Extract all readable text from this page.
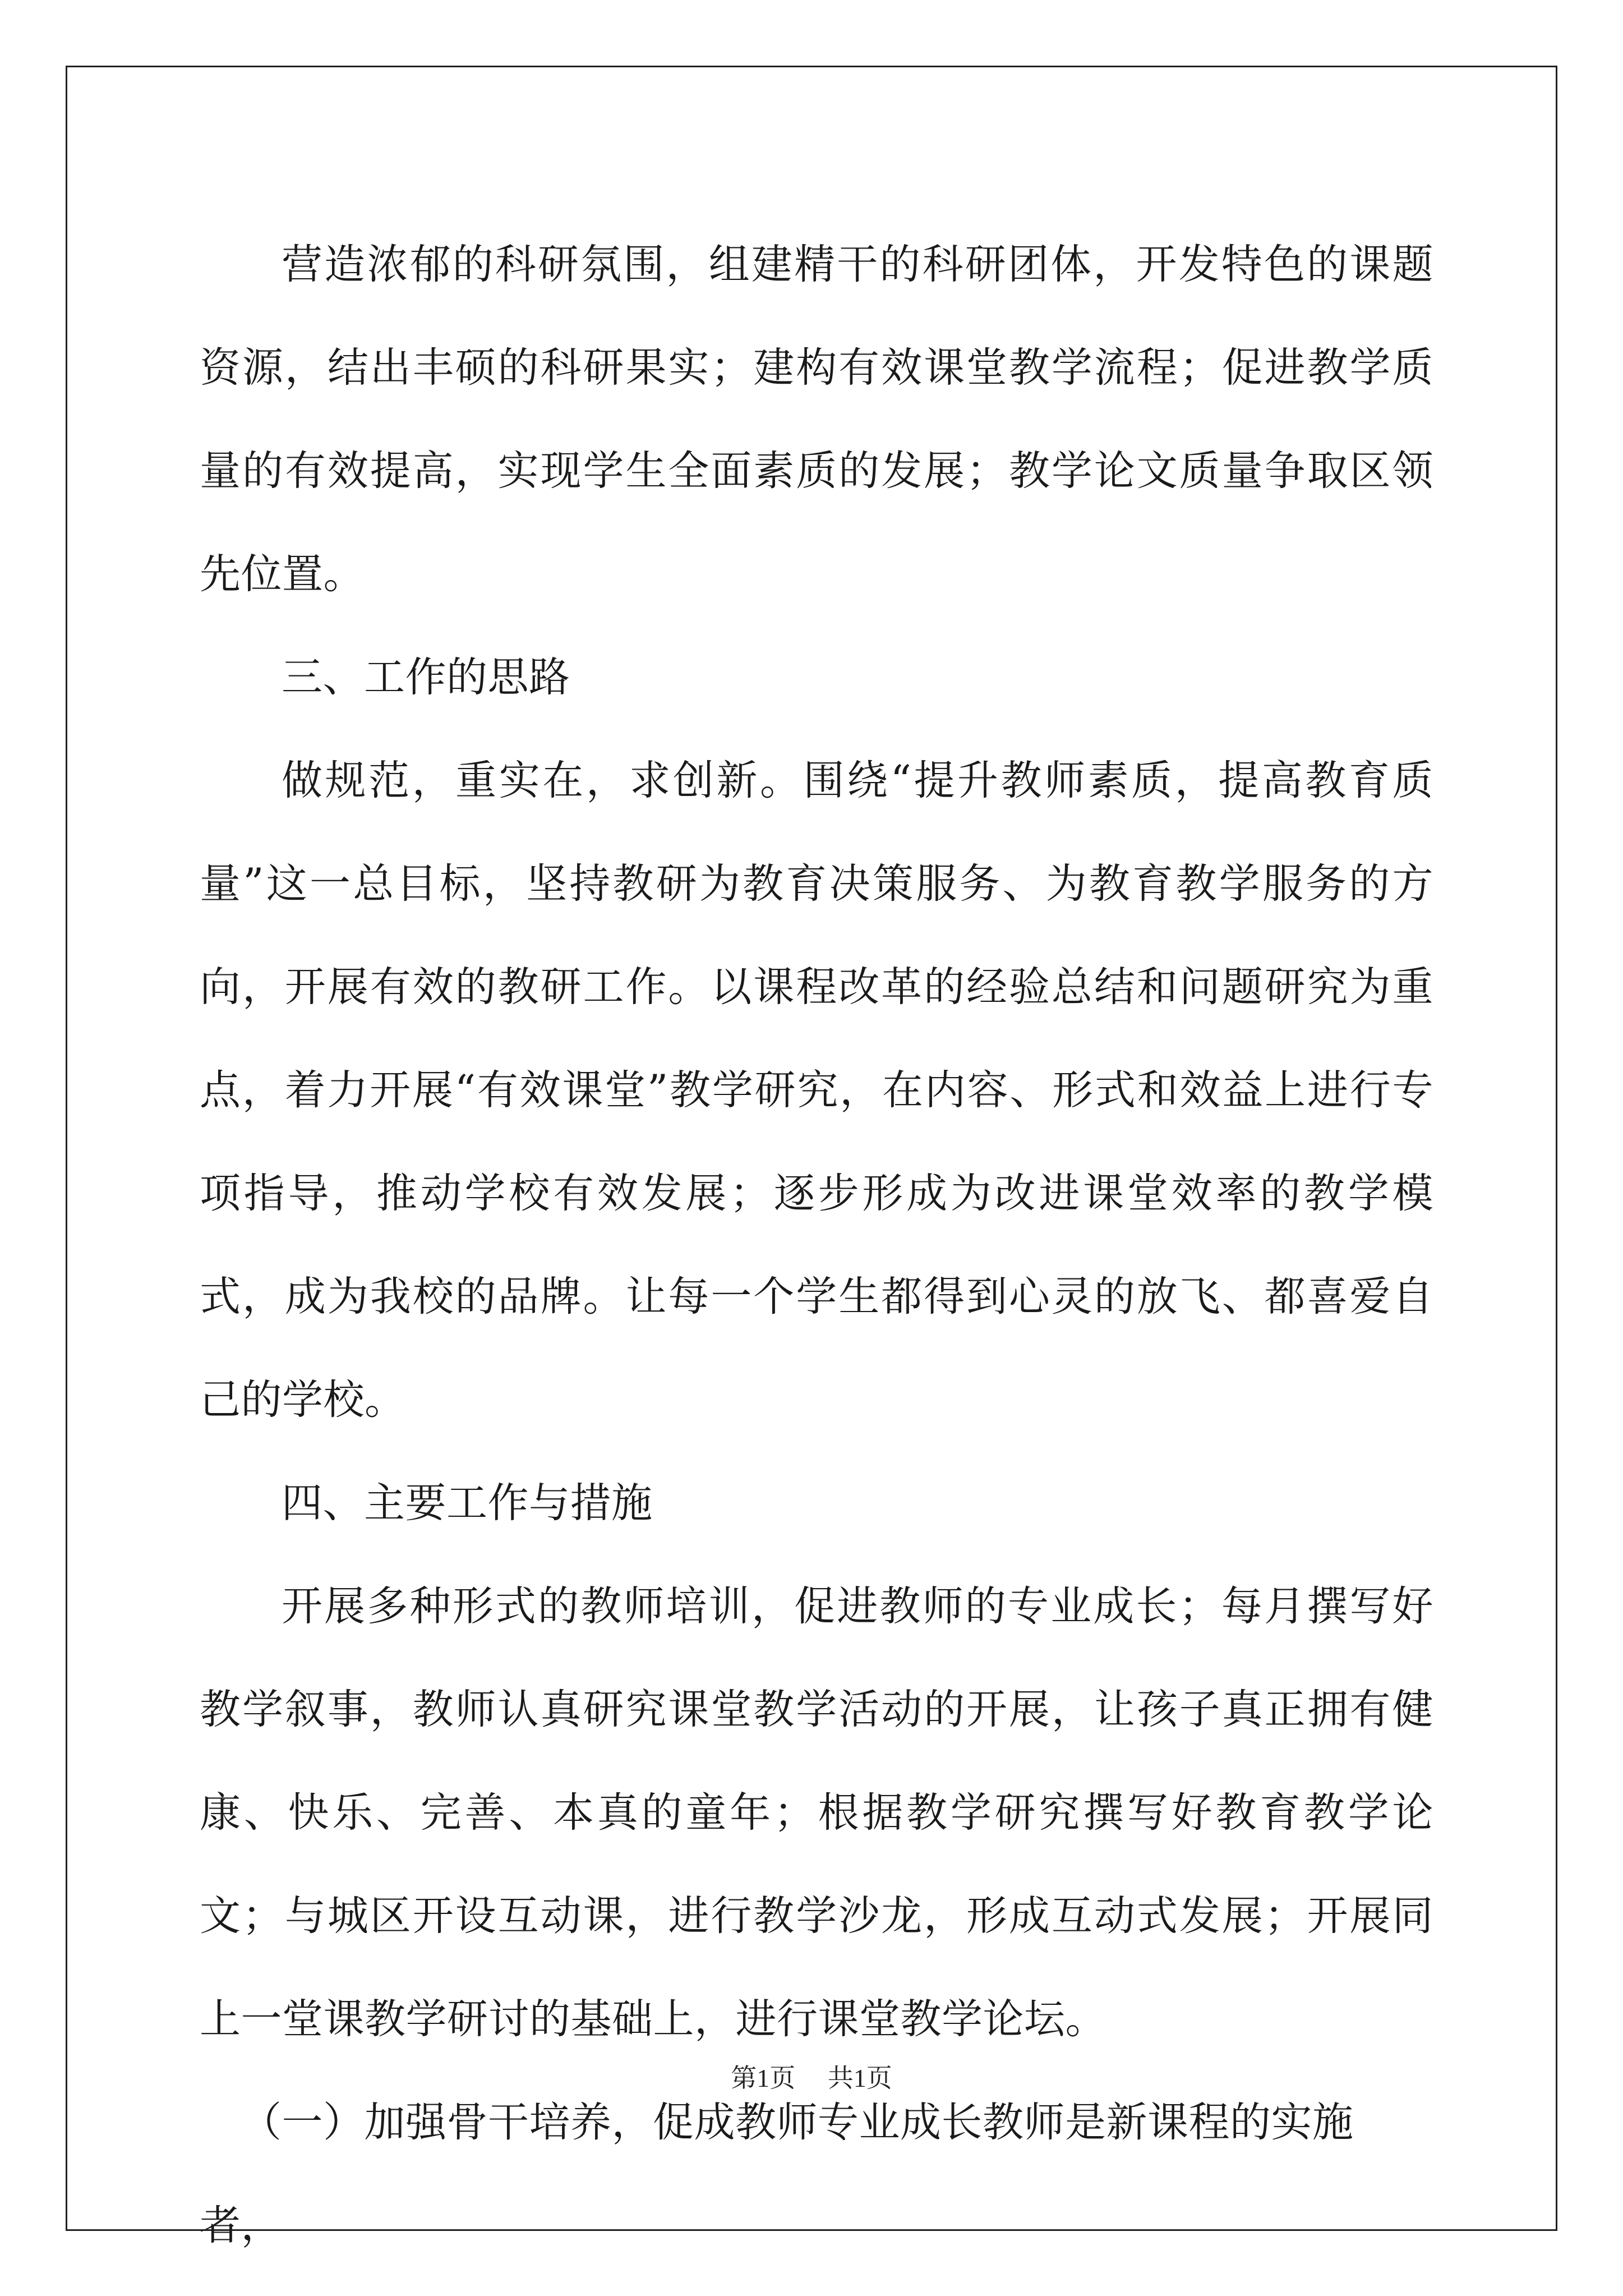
营造浓郁的科研氛围，组建精干的科研团体，开发特色的课题资源，结出丰硕的科研果实；建构有效课堂教学流程；促进教学质量的有效提高，实现学生全面素质的发展；教学论文质量争取区领先位置。

三、工作的思路

做规范，重实在，求创新。围绕“提升教师素质，提高教育质量”这一总目标，坚持教研为教育决策服务、为教育教学服务的方向，开展有效的教研工作。以课程改革的经验总结和问题研究为重点，着力开展“有效课堂”教学研究，在内容、形式和效益上进行专项指导，推动学校有效发展；逐步形成为改进课堂效率的教学模式，成为我校的品牌。让每一个学生都得到心灵的放飞、都喜爱自己的学校。

四、主要工作与措施

开展多种形式的教师培训，促进教师的专业成长；每月撰写好教学叙事，教师认真研究课堂教学活动的开展，让孩子真正拥有健康、快乐、完善、本真的童年；根据教学研究撰写好教育教学论文；与城区开设互动课，进行教学沙龙，形成互动式发展；开展同上一堂课教学研讨的基础上，进行课堂教学论坛。

（一）加强骨干培养，促成教师专业成长教师是新课程的实施者，

第1页 共1页
